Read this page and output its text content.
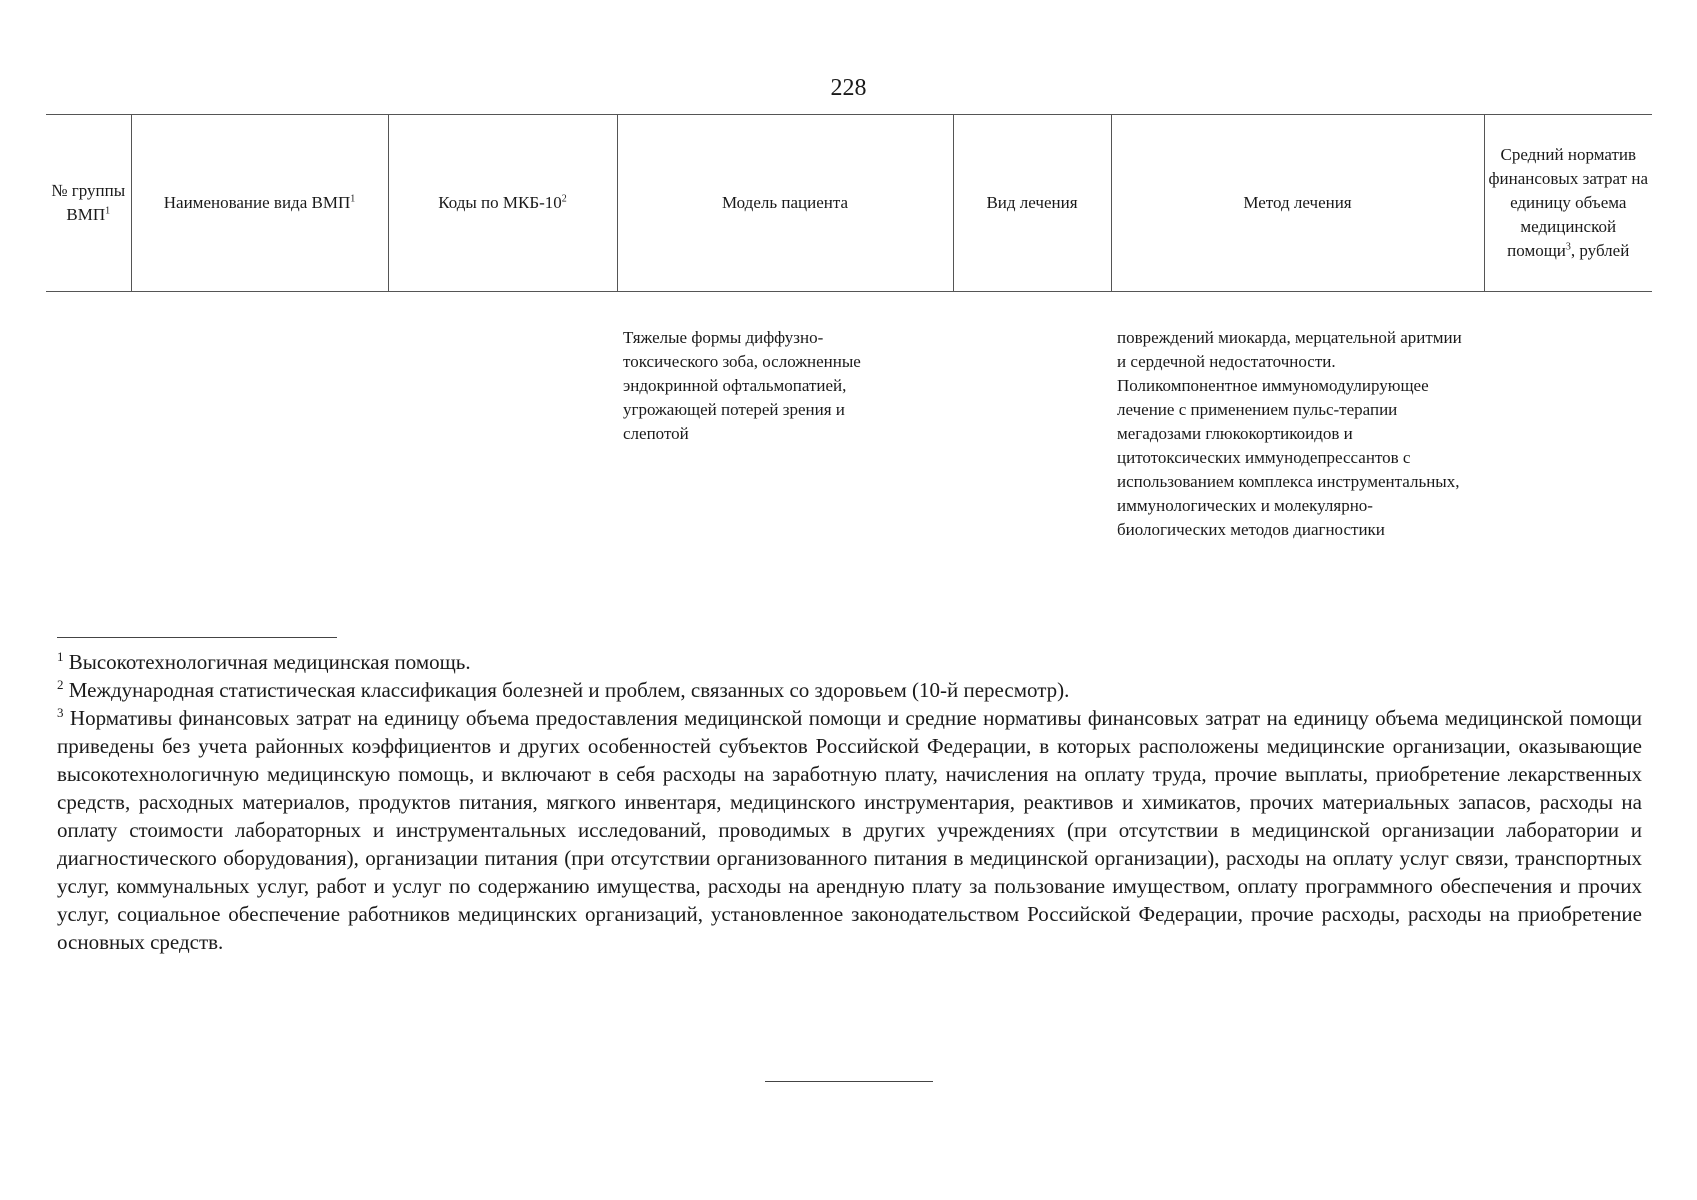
228
№ группы ВМП$^1$	Наименование вида ВМП$^1$	Коды по МКБ-$10^2$	Модель пациента	Вид лечения	Метод лечения	Средний норматив финансовых затрат на единицу объема медицинской помощи$^3$, рублей
			Тяжелые формы диффузно-токсического зоба, осложненные эндокринной офтальмопатией, угрожающей потерей зрения и слепотой		повреждений миокарда, мерцательной аритмии и сердечной недостаточности. Поликомпонентное иммуномодулирующее лечение с применением пульс-терапии мегадозами глюкокортикоидов и цитотоксических иммунодепрессантов с использованием комплекса инструментальных, иммунологических и молекулярно-биологических методов диагностики	

$^1$ Высокотехнологичная медицинская помощь.

$^2$ Международная статистическая классификация болезней и проблем, связанных со здоровьем (10-й пересмотр).

$^3$ Нормативы финансовых затрат на единицу объема предоставления медицинской помощи и средние нормативы финансовых затрат на единицу объема медицинской помощи приведены без учета районных коэффициентов и других особенностей субъектов Российской Федерации, в которых расположены медицинские организации, оказывающие высокотехнологичную медицинскую помощь, и включают в себя расходы на заработную плату, начисления на оплату труда, прочие выплаты, приобретение лекарственных средств, расходных материалов, продуктов питания, мягкого инвентаря, медицинского инструментария, реактивов и химикатов, прочих материальных запасов, расходы на оплату стоимости лабораторных и инструментальных исследований, проводимых в других учреждениях (при отсутствии в медицинской организации лаборатории и диагностического оборудования), организации питания (при отсутствии организованного питания в медицинской организации), расходы на оплату услуг связи, транспортных услуг, коммунальных услуг, работ и услуг по содержанию имущества, расходы на арендную плату за пользование имуществом, оплату программного обеспечения и прочих услуг, социальное обеспечение работников медицинских организаций, установленное законодательством Российской Федерации, прочие расходы, расходы на приобретение основных средств.
